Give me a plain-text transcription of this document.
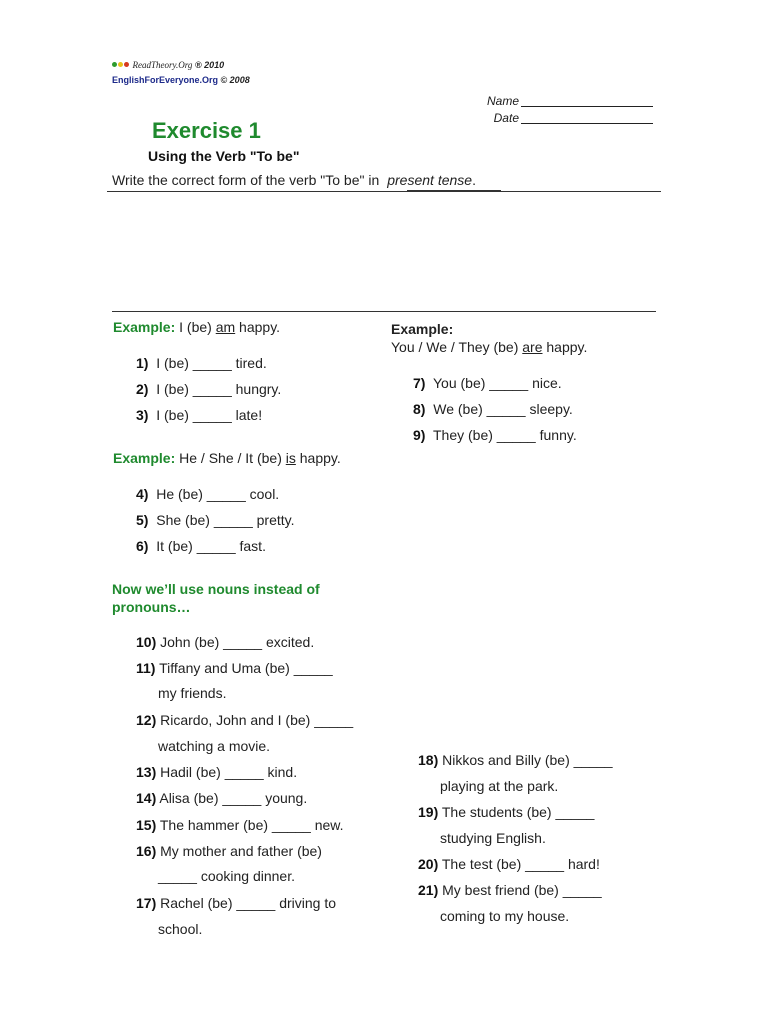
ReadTheory.Org ® 2010
EnglishForEveryone.Org © 2008
Name
Date
Exercise 1
Using the Verb "To be"
Write the correct form of the verb "To be" in present tense.
Example: I (be) am happy.	Example:
You / We / They (be) are happy.
Example: He / She / It (be) is happy.
Now we’ll use nouns instead of pronouns…
1) I (be) _____ tired.
2) I (be) _____ hungry.
3) I (be) _____ late!
4) He (be) _____ cool.
5) She (be) _____ pretty.
6) It (be) _____ fast.
7) You (be) _____ nice.
8) We (be) _____ sleepy.
9) They (be) _____ funny.
10) John (be) _____ excited.
11) Tiffany and Uma (be) _____
my friends.
12) Ricardo, John and I (be) _____
watching a movie.
13) Hadil (be) _____ kind.
14) Alisa (be) _____ young.
15) The hammer (be) _____ new.
16) My mother and father (be)
_____ cooking dinner.
17) Rachel (be) _____ driving to
school.
18) Nikkos and Billy (be) _____
playing at the park.
19) The students (be) _____
studying English.
20) The test (be) _____ hard!
21) My best friend (be) _____
coming to my house.
